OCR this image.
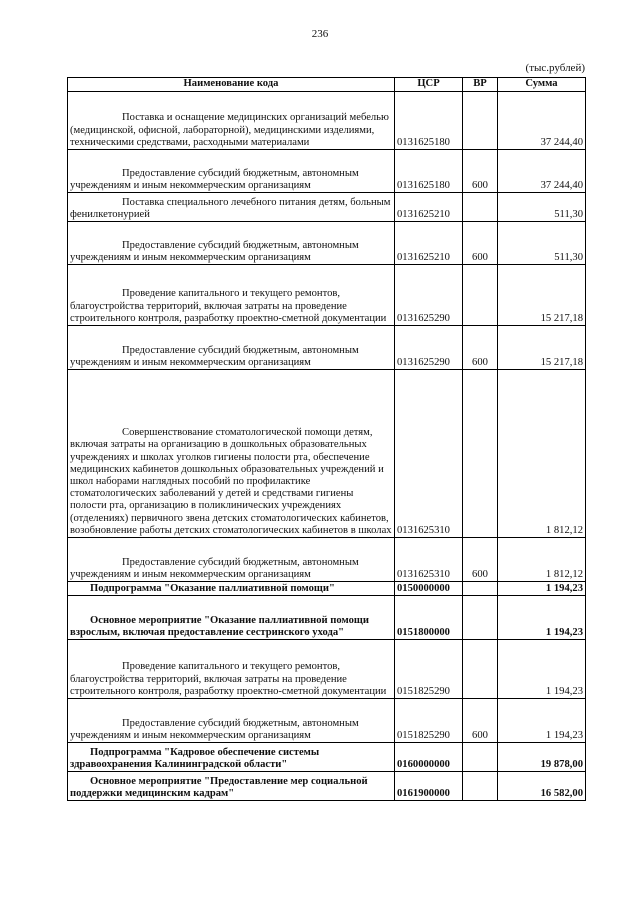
236
(тыс.рублей)
Наименование кода	ЦСР	ВР	Сумма
Поставка и оснащение медицинских организаций мебелью (медицинской, офисной, лабораторной), медицинскими изделиями, техническими средствами, расходными материалами	0131625180		37 244,40
Предоставление субсидий бюджетным, автономным учреждениям и иным некоммерческим организациям	0131625180	600	37 244,40
Поставка специального лечебного питания детям, больным фенилкетонурией	0131625210		511,30
Предоставление субсидий бюджетным, автономным учреждениям и иным некоммерческим организациям	0131625210	600	511,30
Проведение капитального и текущего ремонтов, благоустройства территорий, включая затраты на проведение строительного контроля, разработку проектно-сметной документации	0131625290		15 217,18
Предоставление субсидий бюджетным, автономным учреждениям и иным некоммерческим организациям	0131625290	600	15 217,18
Совершенствование стоматологической помощи детям, включая затраты на организацию в дошкольных образовательных учреждениях и школах уголков гигиены полости рта, обеспечение медицинских кабинетов дошкольных образовательных учреждений и школ наборами наглядных пособий по профилактике стоматологических заболеваний у детей и средствами гигиены полости рта, организацию в поликлинических учреждениях (отделениях) первичного звена детских стоматологических кабинетов, возобновление работы детских стоматологических кабинетов в школах	0131625310		1 812,12
Предоставление субсидий бюджетным, автономным учреждениям и иным некоммерческим организациям	0131625310	600	1 812,12
Подпрограмма "Оказание паллиативной помощи"	0150000000		1 194,23
Основное мероприятие "Оказание паллиативной помощи взрослым, включая предоставление сестринского ухода"	0151800000		1 194,23
Проведение капитального и текущего ремонтов, благоустройства территорий, включая затраты на проведение строительного контроля, разработку проектно-сметной документации	0151825290		1 194,23
Предоставление субсидий бюджетным, автономным учреждениям и иным некоммерческим организациям	0151825290	600	1 194,23
Подпрограмма "Кадровое обеспечение системы здравоохранения Калининградской области"	0160000000		19 878,00
Основное мероприятие "Предоставление мер социальной поддержки медицинским кадрам"	0161900000		16 582,00
